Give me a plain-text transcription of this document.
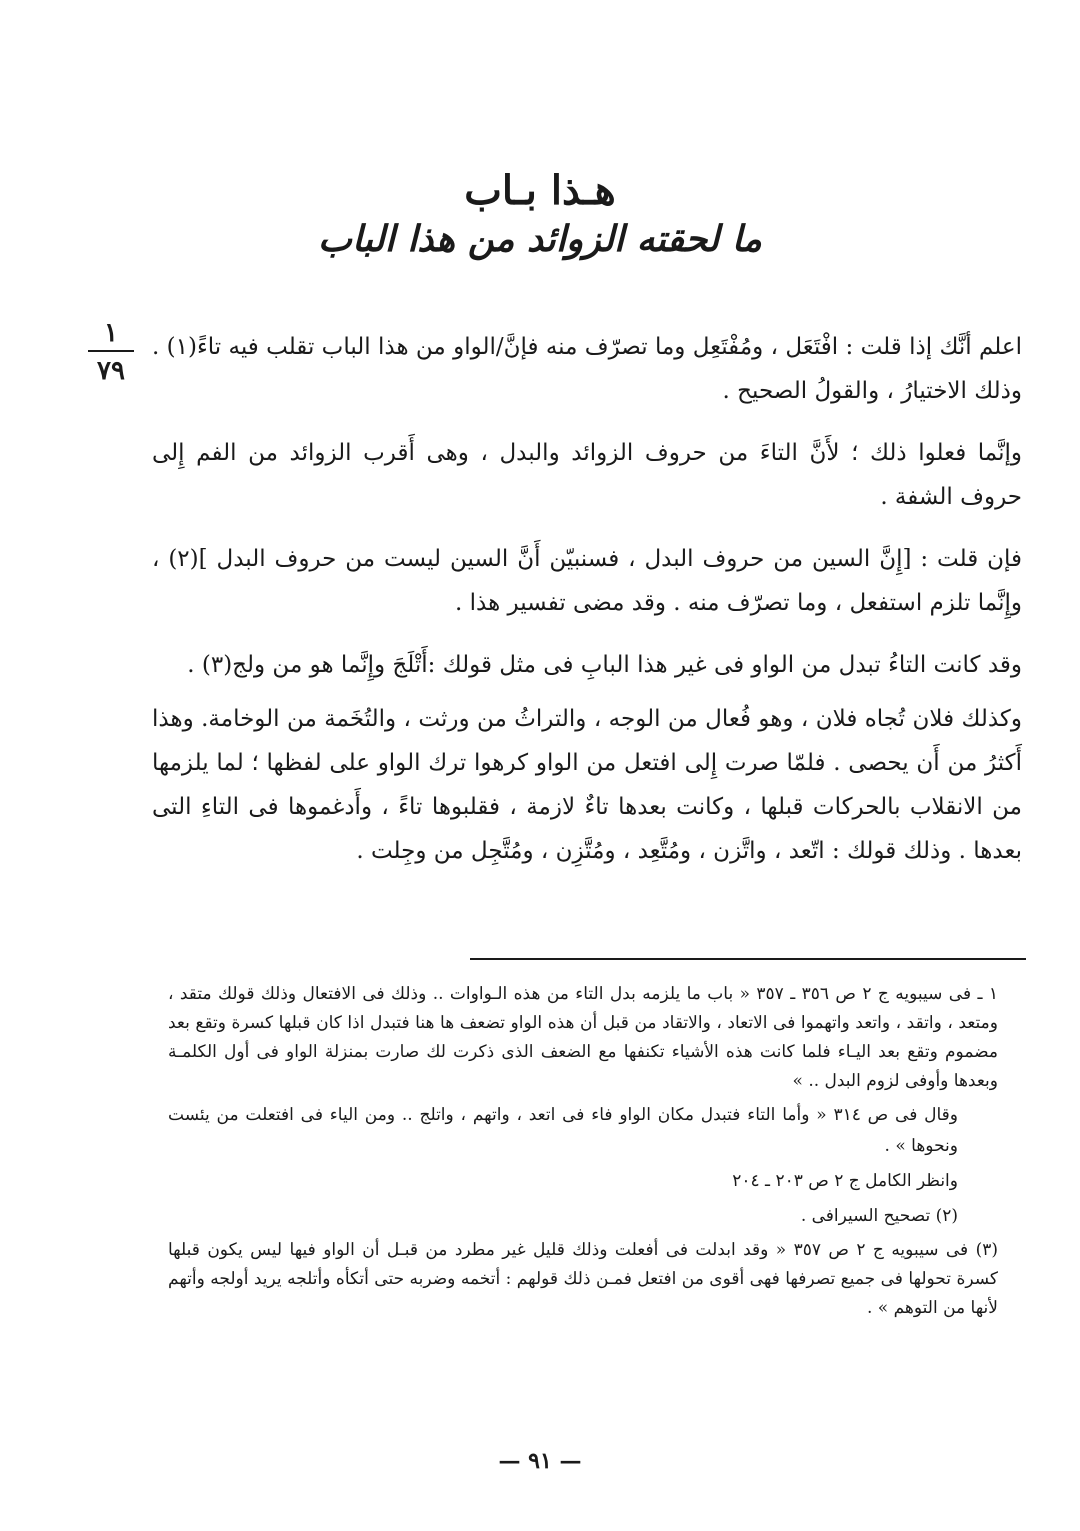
هـذا بـاب
ما لحقته الزوائد من هذا الباب
١
٧٩

اعلم أنَّك إذا قلت : افْتَعَل ، ومُفْتَعِل وما تصرّف منه فإنَّ/الواو من هذا الباب تقلب فيه تاءً(١) . وذلك الاختيارُ ، والقولُ الصحيح .

وإنَّما فعلوا ذلك ؛ لأَنَّ التاءَ من حروف الزوائد والبدل ، وهى أَقرب الزوائد من الفم إِلى حروف الشفة .

فإن قلت : [إِنَّ السين من حروف البدل ، فسنبيّن أَنَّ السين ليست من حروف البدل ](٢) ، وإِنَّما تلزم استفعل ، وما تصرّف منه . وقد مضى تفسير هذا .

وقد كانت التاءُ تبدل من الواو فى غير هذا البابِ فى مثل قولك :أَتْلَجَ وإِنَّما هو من ولج(٣) .

وكذلك فلان تُجاه فلان ، وهو فُعال من الوجه ، والتراثُ من ورثت ، والتُخَمة من الوخامة. وهذا أَكثرُ من أَن يحصى . فلمّا صرت إِلى افتعل من الواو كرهوا ترك الواو على لفظها ؛ لما يلزمها من الانقلاب بالحركات قبلها ، وكانت بعدها تاءٌ لازمة ، فقلبوها تاءً ، وأَدغموها فى التاءِ التى بعدها . وذلك قولك : اتّعد ، واتَّزن ، ومُتَّعِد ، ومُتَّزِن ، ومُتَّجِل من وجِلت .

١ ـ فى سيبويه ج ٢ ص ٣٥٦ ـ ٣٥٧ « باب ما يلزمه بدل التاء من هذه الـواوات .. وذلك فى الافتعال وذلك قولك متقد ، ومتعد ، واتقد ، واتعد واتهموا فى الاتعاد ، والاتقاد من قبل أن هذه الواو تضعف ها هنا فتبدل اذا كان قبلها كسرة وتقع بعد مضموم وتقع بعد اليـاء فلما كانت هذه الأشياء تكنفها مع الضعف الذى ذكرت لك صارت بمنزلة الواو فى أول الكلمـة وبعدها وأوفى لزوم البدل .. »

وقال فى ص ٣١٤ « وأما التاء فتبدل مكان الواو فاء فى اتعد ، واتهم ، واتلج .. ومن الياء فى افتعلت من يئست ونحوها » .

وانظر الكامل ج ٢ ص ٢٠٣ ـ ٢٠٤

(٢) تصحيح السيرافى .

(٣) فى سيبويه ج ٢ ص ٣٥٧ « وقد ابدلت فى أفعلت وذلك قليل غير مطرد من قبـل أن الواو فيها ليس يكون قبلها كسرة تحولها فى جميع تصرفها فهى أقوى من افتعل فمـن ذلك قولهم : أتخمه وضربه حتى أتكأه وأتلجه يريد أولجه وأتهم لأنها من التوهم » .

— ٩١ —
